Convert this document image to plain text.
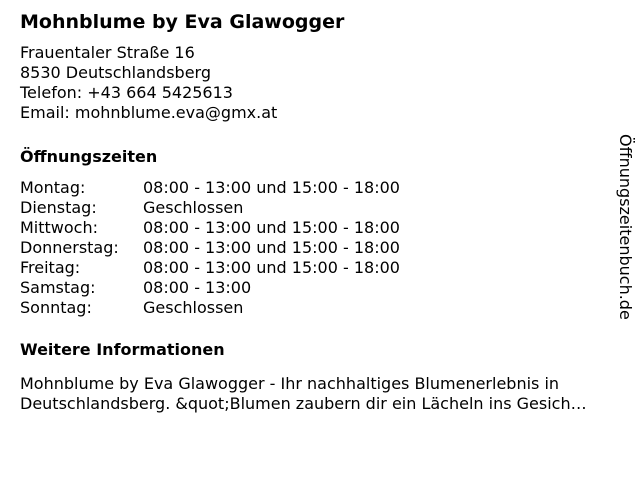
Mohnblume by Eva Glawogger
Frauentaler Straße 16
8530 Deutschlandsberg
Telefon: +43 664 5425613
Email: mohnblume.eva@gmx.at
Öffnungszeiten
Montag:	08:00 - 13:00 und 15:00 - 18:00
Dienstag:	Geschlossen
Mittwoch:	08:00 - 13:00 und 15:00 - 18:00
Donnerstag:	08:00 - 13:00 und 15:00 - 18:00
Freitag:	08:00 - 13:00 und 15:00 - 18:00
Samstag:	08:00 - 13:00
Sonntag:	Geschlossen
Weitere Informationen
Mohnblume by Eva Glawogger - Ihr nachhaltiges Blumenerlebnis in
Deutschlandsberg. &quot;Blumen zaubern dir ein Lächeln ins Gesich…
Öffnungszeitenbuch.de
